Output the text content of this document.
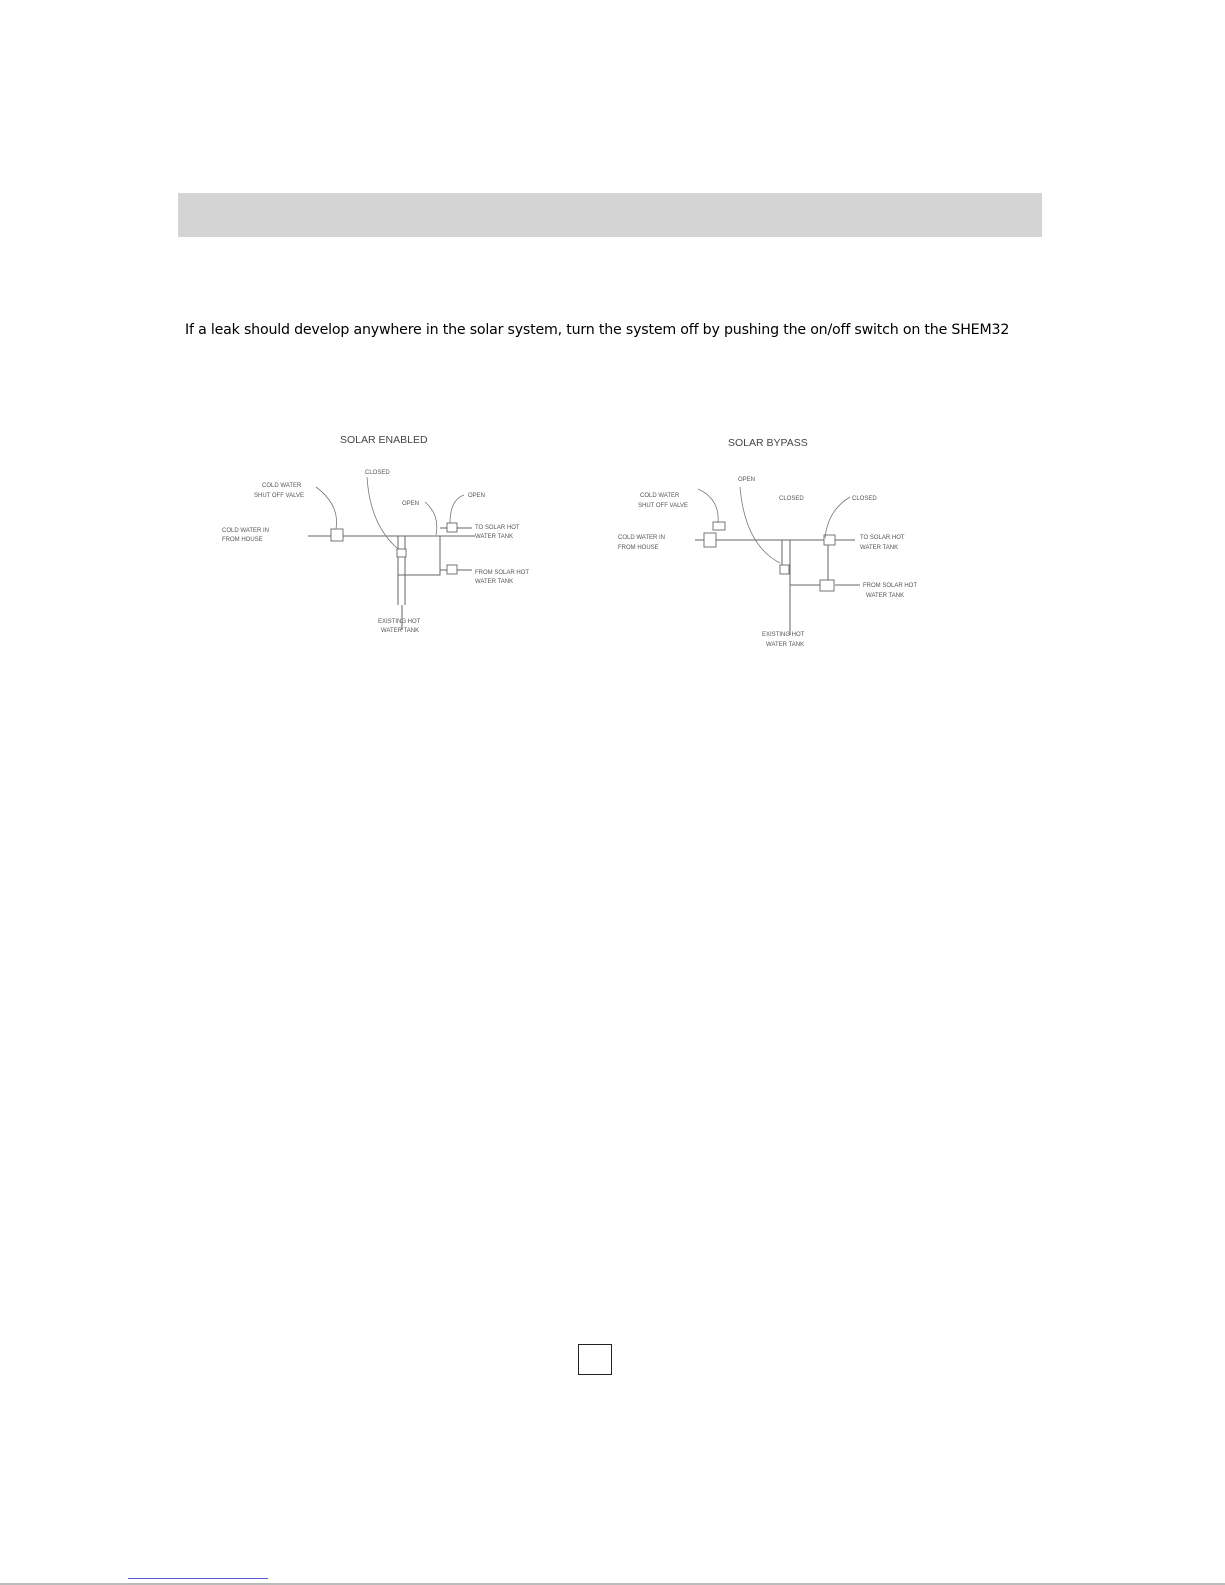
If a leak should develop anywhere in the solar system, turn the system off by pushing the on/off switch on the SHEM32
SOLAR ENABLED
CLOSED
OPEN
OPEN
COLD WATER
SHUT OFF VALVE
COLD WATER IN
FROM HOUSE
TO SOLAR HOT
WATER TANK
FROM SOLAR HOT
WATER TANK
EXISTING HOT
WATER TANK
SOLAR BYPASS
OPEN
CLOSED	CLOSED
COLD WATER
SHUT OFF VALVE
COLD WATER IN
FROM HOUSE
TO SOLAR HOT
WATER TANK
FROM SOLAR HOT
WATER TANK
EXISTING HOT
WATER TANK
